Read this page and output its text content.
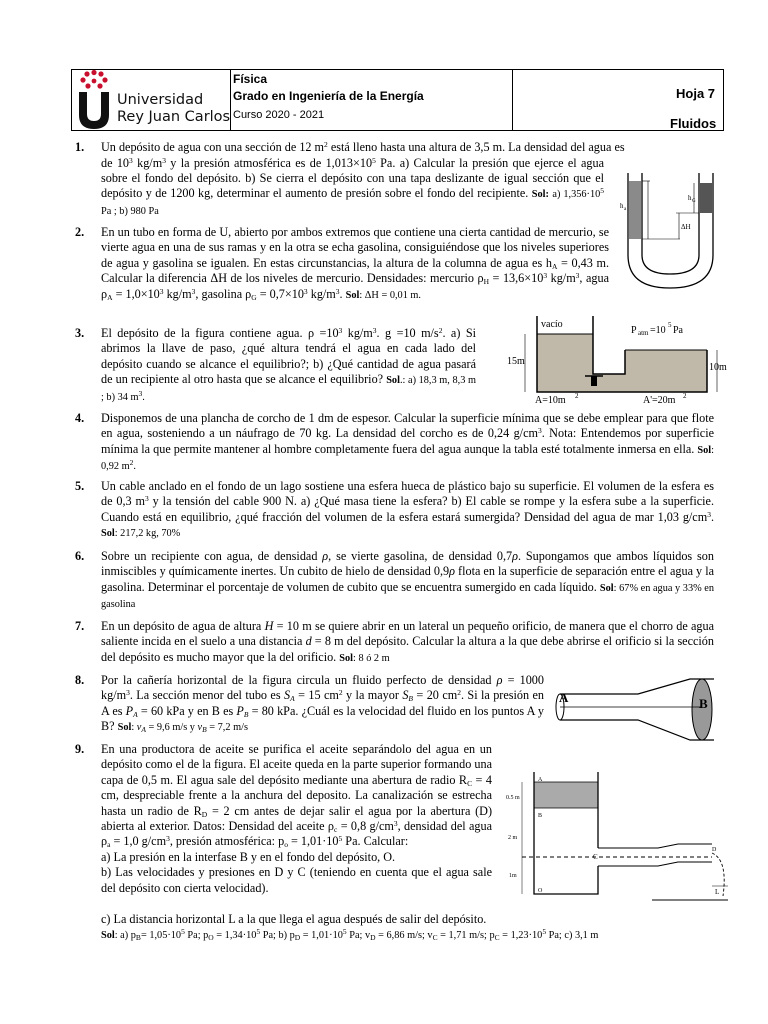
Universidad
Rey Juan Carlos
Física
Grado en Ingeniería de la Energía
Curso 2020 - 2021
Hoja 7
Fluidos
1. Un depósito de agua con una sección de 12 $m^2$ está lleno hasta una altura de 3,5 m. La densidad del agua es
de $10^3$ $kg/m^3$ y la presión atmosférica es de $1,013\times 10^5$ Pa. a) Calcular la presión que ejerce el agua sobre el fondo del depósito. b) Se cierra el depósito con una tapa deslizante de igual sección que el depósito y de 1200 kg, determinar el aumento de presión sobre el fondo del recipiente. Sol: a) $1,356\cdot 10^5$ Pa ; b) 980 Pa	h a
h G
ΔH
2. En un tubo en forma de U, abierto por ambos extremos que contiene una cierta cantidad de mercurio, se vierte agua en una de sus ramas y en la otra se echa gasolina, consiguiéndose que los niveles superiores de agua y gasolina se igualen. En estas circunstancias, la altura de la columna de agua es $h_A = 0,43$ m. Calcular la diferencia ΔH de los niveles de mercurio. Densidades: mercurio $\rho_H = 13,6\times 10^3$ $kg/m^3$, agua $\rho_A = 1,0\times 10^3$ $kg/m^3$, gasolina $\rho_G = 0,7\times 10^3$ $kg/m^3$. Sol: ΔH = 0,01 m.
3. El depósito de la figura contiene agua. $\rho =10^3$ $kg/m^3$. g =10 $m/s^2$. a) Si abrimos la llave de paso, ¿qué altura tendrá el agua en cada lado del depósito cuando se alcance el equilibrio?; b) ¿Qué cantidad de agua pasará de un recipiente al otro hasta que se alcance el equilibrio? Sol.: a) 18,3 m, 8,3 m ; b) 34 $m^3$.
vacío
P atm =10 5 Pa
15m
10m
A=10m 2	A'=20m 2
4. Disponemos de una plancha de corcho de 1 dm de espesor. Calcular la superficie mínima que se debe emplear para que flote en agua, sosteniendo a un náufrago de 70 kg. La densidad del corcho es de 0,24 $g/cm^3$. Nota: Entendemos por superficie mínima la que permite mantener al hombre completamente fuera del agua aunque la tabla esté totalmente inmersa en ella. Sol: 0,92 $m^2$.
5. Un cable anclado en el fondo de un lago sostiene una esfera hueca de plástico bajo su superficie. El volumen de la esfera es de 0,3 $m^3$ y la tensión del cable 900 N. a) ¿Qué masa tiene la esfera? b) El cable se rompe y la esfera sube a la superficie. Cuando está en equilibrio, ¿qué fracción del volumen de la esfera estará sumergida? Densidad del agua de mar 1,03 $g/cm^3$. Sol: 217,2 kg, 70%
6. Sobre un recipiente con agua, de densidad ρ, se vierte gasolina, de densidad 0,7ρ. Supongamos que ambos líquidos son inmiscibles y químicamente inertes. Un cubito de hielo de densidad 0,9ρ flota en la superficie de separación entre el agua y la gasolina. Determinar el porcentaje de volumen de cubito que se encuentra sumergido en cada líquido. Sol: 67% en agua y 33% en gasolina
7. En un depósito de agua de altura H = 10 m se quiere abrir en un lateral un pequeño orificio, de manera que el chorro de agua saliente incida en el suelo a una distancia d = 8 m del depósito. Calcular la altura a la que debe abrirse el orificio si la sección del depósito es mucho mayor que la del orificio. Sol: 8 ó 2 m
8. Por la cañería horizontal de la figura circula un fluido perfecto de densidad ρ = 1000 $kg/m^3$. La sección menor del tubo es $S_A = 15$ $cm^2$ y la mayor $S_B = 20$ $cm^2$. Si la presión en A es $P_A = 60$ kPa y en B es $P_B = 80$ kPa. ¿Cuál es la velocidad del fluido en los puntos A y B? Sol: $v_A = 9,6$ m/s y $v_B = 7,2$ m/s
A	B
9. En una productora de aceite se purifica el aceite separándolo del agua en un depósito como el de la figura. El aceite queda en la parte superior formando una capa de 0,5 m. El agua sale del depósito mediante una abertura de radio $R_C = 4$ cm, despreciable frente a la anchura del deposito. La canalización se estrecha hasta un radio de $R_D = 2$ cm antes de dejar salir el agua por la abertura (D) abierta al exterior. Datos: Densidad del aceite $\rho_c = 0,8$ $g/cm^3$, densidad del agua $\rho_a = 1,0$ $g/cm^3$, presión atmosférica: $p_o = 1,01\cdot 10^5$ Pa. Calcular:
a) La presión en la interfase B y en el fondo del depósito, O.
b) Las velocidades y presiones en D y C (teniendo en cuenta que el agua sale del depósito con cierta velocidad).
c) La distancia horizontal L a la que llega el agua después de salir del depósito.
Sol: a) $p_B= 1,05\cdot 10^5$ Pa; $p_O = 1,34\cdot 10^5$ Pa; b) $p_D = 1,01\cdot 10^5$ Pa; $v_D = 6,86$ m/s; $v_C = 1,71$ m/s; $p_C = 1,23\cdot 10^5$ Pa; c) 3,1 m
A
B
C
D
O	L
0.5 m
2 m
1m
